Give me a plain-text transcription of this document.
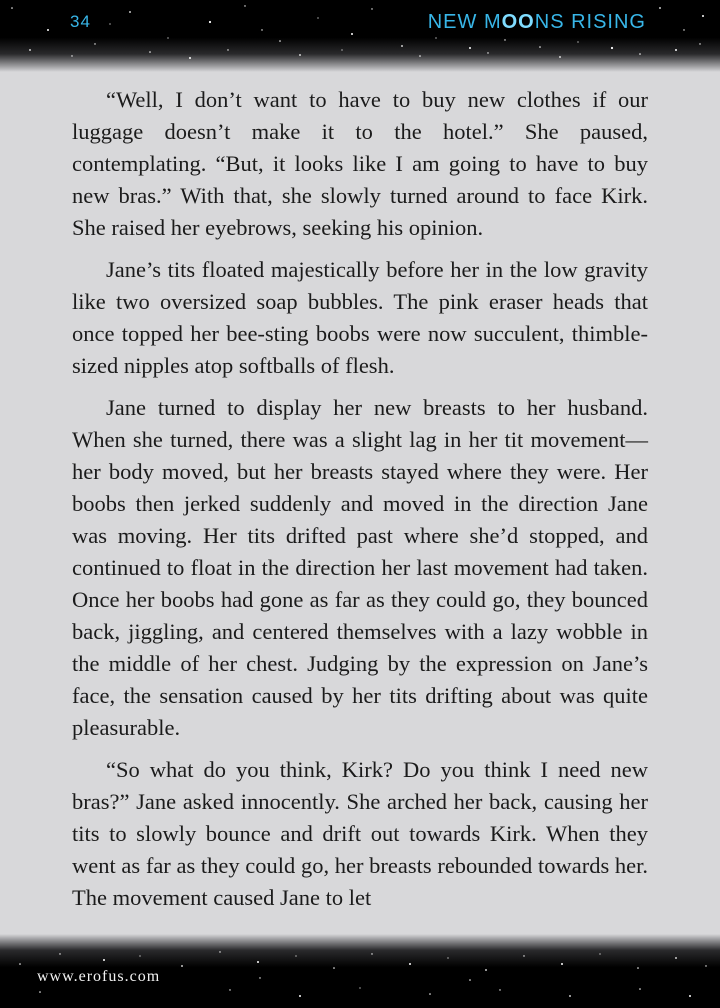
34	NEW MOONS RISING

“Well, I don’t want to have to buy new clothes if our luggage doesn’t make it to the hotel.” She paused, contemplating. “But, it looks like I am going to have to buy new bras.” With that, she slowly turned around to face Kirk. She raised her eyebrows, seeking his opinion.

Jane’s tits floated majestically before her in the low gravity like two oversized soap bubbles. The pink eraser heads that once topped her bee-sting boobs were now succulent, thimble-sized nipples atop softballs of flesh.

Jane turned to display her new breasts to her husband. When she turned, there was a slight lag in her tit movement—her body moved, but her breasts stayed where they were. Her boobs then jerked suddenly and moved in the direction Jane was moving. Her tits drifted past where she’d stopped, and continued to float in the direction her last movement had taken. Once her boobs had gone as far as they could go, they bounced back, jiggling, and centered themselves with a lazy wobble in the middle of her chest. Judging by the expression on Jane’s face, the sensation caused by her tits drifting about was quite pleasurable.

“So what do you think, Kirk? Do you think I need new bras?” Jane asked innocently. She arched her back, causing her tits to slowly bounce and drift out towards Kirk. When they went as far as they could go, her breasts rebounded towards her. The movement caused Jane to let

www.erofus.com
